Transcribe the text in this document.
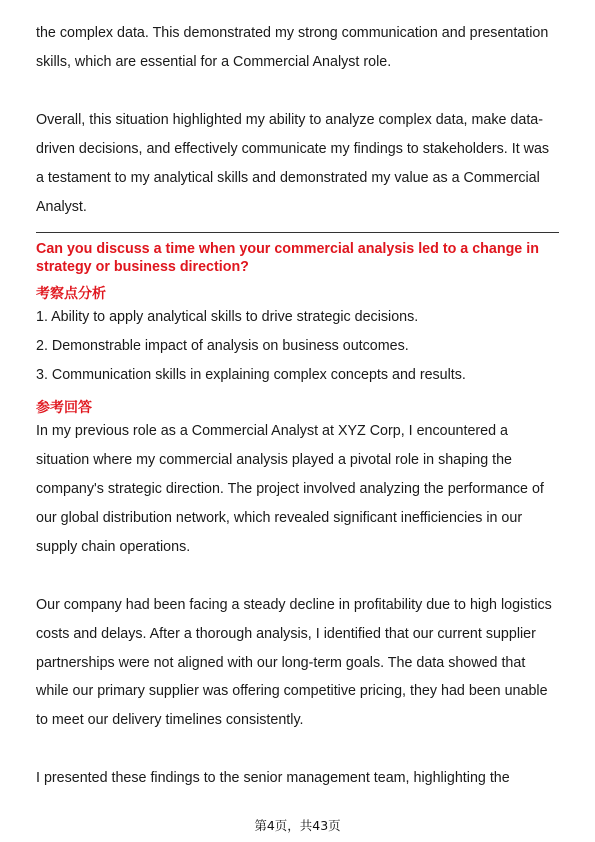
the complex data. This demonstrated my strong communication and presentation skills, which are essential for a Commercial Analyst role.

Overall, this situation highlighted my ability to analyze complex data, make data-driven decisions, and effectively communicate my findings to stakeholders. It was a testament to my analytical skills and demonstrated my value as a Commercial Analyst.

Can you discuss a time when your commercial analysis led to a change in strategy or business direction?

考察点分析

1. Ability to apply analytical skills to drive strategic decisions.
2. Demonstrable impact of analysis on business outcomes.
3. Communication skills in explaining complex concepts and results.

参考回答

In my previous role as a Commercial Analyst at XYZ Corp, I encountered a situation where my commercial analysis played a pivotal role in shaping the company's strategic direction. The project involved analyzing the performance of our global distribution network, which revealed significant inefficiencies in our supply chain operations.

Our company had been facing a steady decline in profitability due to high logistics costs and delays. After a thorough analysis, I identified that our current supplier partnerships were not aligned with our long-term goals. The data showed that while our primary supplier was offering competitive pricing, they had been unable to meet our delivery timelines consistently.

I presented these findings to the senior management team, highlighting the

第4页，共43页
